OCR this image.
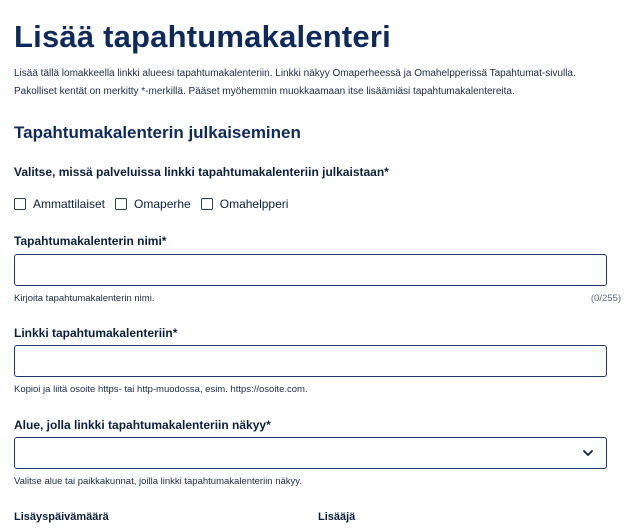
Lisää tapahtumakalenteri
Lisää tällä lomakkeella linkki alueesi tapahtumakalenteriin. Linkki näkyy Omaperheessä ja Omahelpperissä Tapahtumat-sivulla. Pakolliset kentät on merkitty *-merkillä. Pääset myöhemmin muokkaamaan itse lisäämiäsi tapahtumakalentereita.
Tapahtumakalenterin julkaiseminen
Valitse, missä palveluissa linkki tapahtumakalenteriin julkaistaan*
Ammattilaiset Omaperhe Omahelpperi
Tapahtumakalenterin nimi*
Kirjoita tapahtumakalenterin nimi.	(0/255)
Linkki tapahtumakalenteriin*
Kopioi ja liitä osoite https- tai http-muodossa, esim. https://osoite.com.
Alue, jolla linkki tapahtumakalenteriin näkyy*
Valitse alue tai paikkakunnat, joilla linkki tapahtumakalenteriin näkyy.
Lisäyspäivämäärä	Lisääjä
